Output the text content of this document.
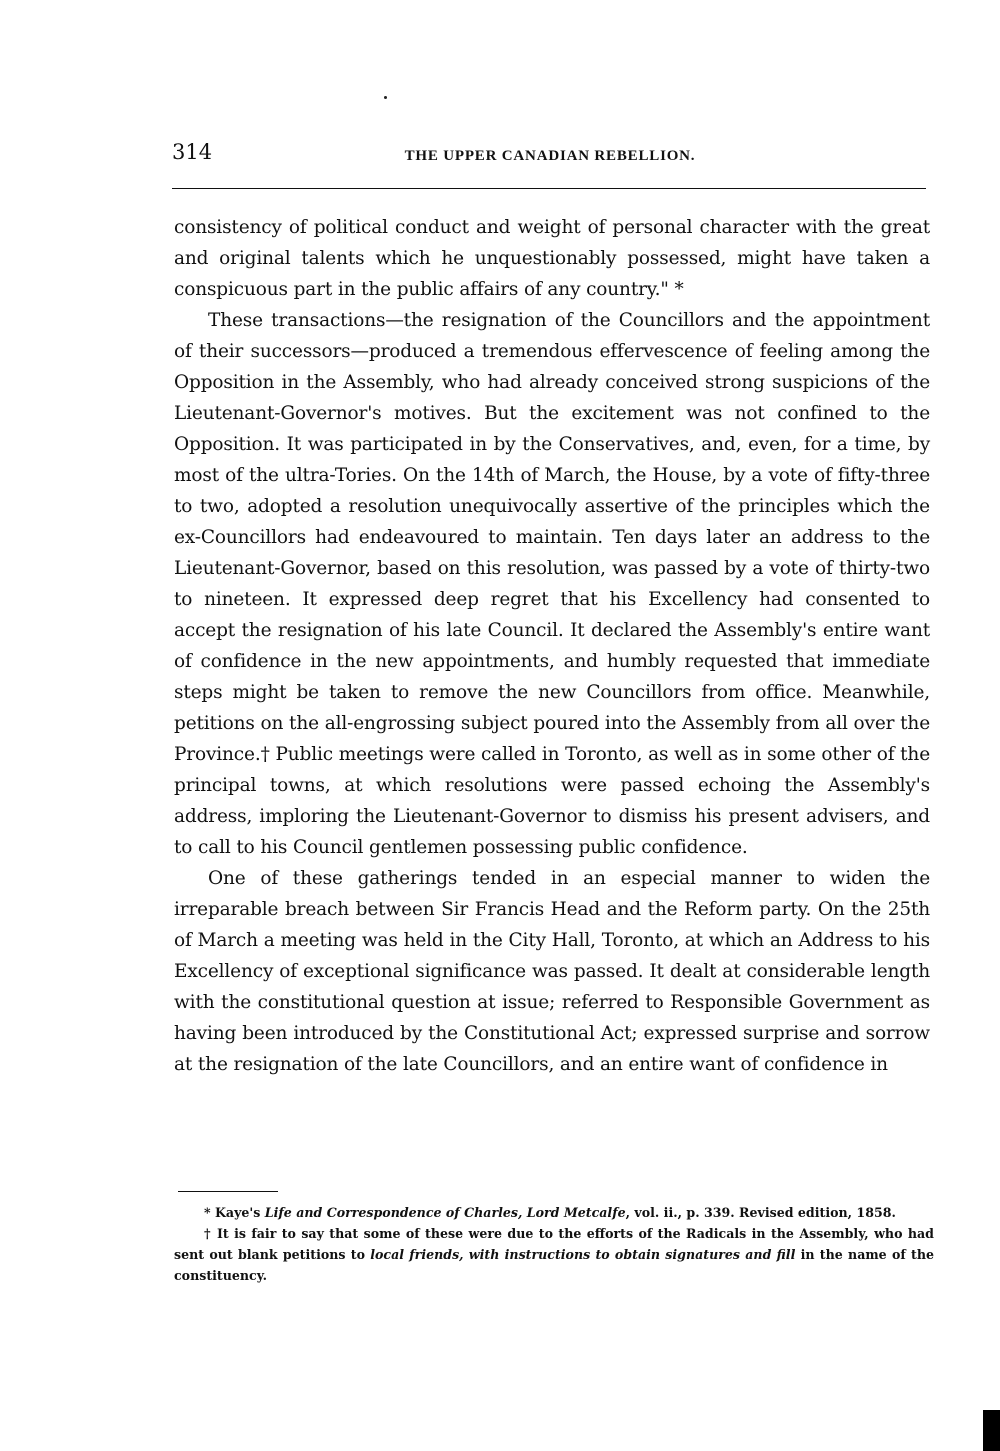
314	THE UPPER CANADIAN REBELLION.

consistency of political conduct and weight of personal character with the great and original talents which he unquestionably possessed, might have taken a conspicuous part in the public affairs of any country." *

These transactions—the resignation of the Councillors and the appointment of their successors—produced a tremendous effervescence of feeling among the Opposition in the Assembly, who had already conceived strong suspicions of the Lieutenant-Governor's motives. But the excitement was not confined to the Opposition. It was participated in by the Conservatives, and, even, for a time, by most of the ultra-Tories. On the 14th of March, the House, by a vote of fifty-three to two, adopted a resolution unequivocally assertive of the principles which the ex-Councillors had endeavoured to maintain. Ten days later an address to the Lieutenant-Governor, based on this resolution, was passed by a vote of thirty-two to nineteen. It expressed deep regret that his Excellency had consented to accept the resignation of his late Council. It declared the Assembly's entire want of confidence in the new appointments, and humbly requested that immediate steps might be taken to remove the new Councillors from office. Meanwhile, petitions on the all-engrossing subject poured into the Assembly from all over the Province.† Public meetings were called in Toronto, as well as in some other of the principal towns, at which resolutions were passed echoing the Assembly's address, imploring the Lieutenant-Governor to dismiss his present advisers, and to call to his Council gentlemen possessing public confidence.

One of these gatherings tended in an especial manner to widen the irreparable breach between Sir Francis Head and the Reform party. On the 25th of March a meeting was held in the City Hall, Toronto, at which an Address to his Excellency of exceptional significance was passed. It dealt at considerable length with the constitutional question at issue; referred to Responsible Government as having been introduced by the Constitutional Act; expressed surprise and sorrow at the resignation of the late Councillors, and an entire want of confidence in

* Kaye's Life and Correspondence of Charles, Lord Metcalfe, vol. ii., p. 339. Revised edition, 1858.

† It is fair to say that some of these were due to the efforts of the Radicals in the Assembly, who had sent out blank petitions to local friends, with instructions to obtain signatures and fill in the name of the constituency.
